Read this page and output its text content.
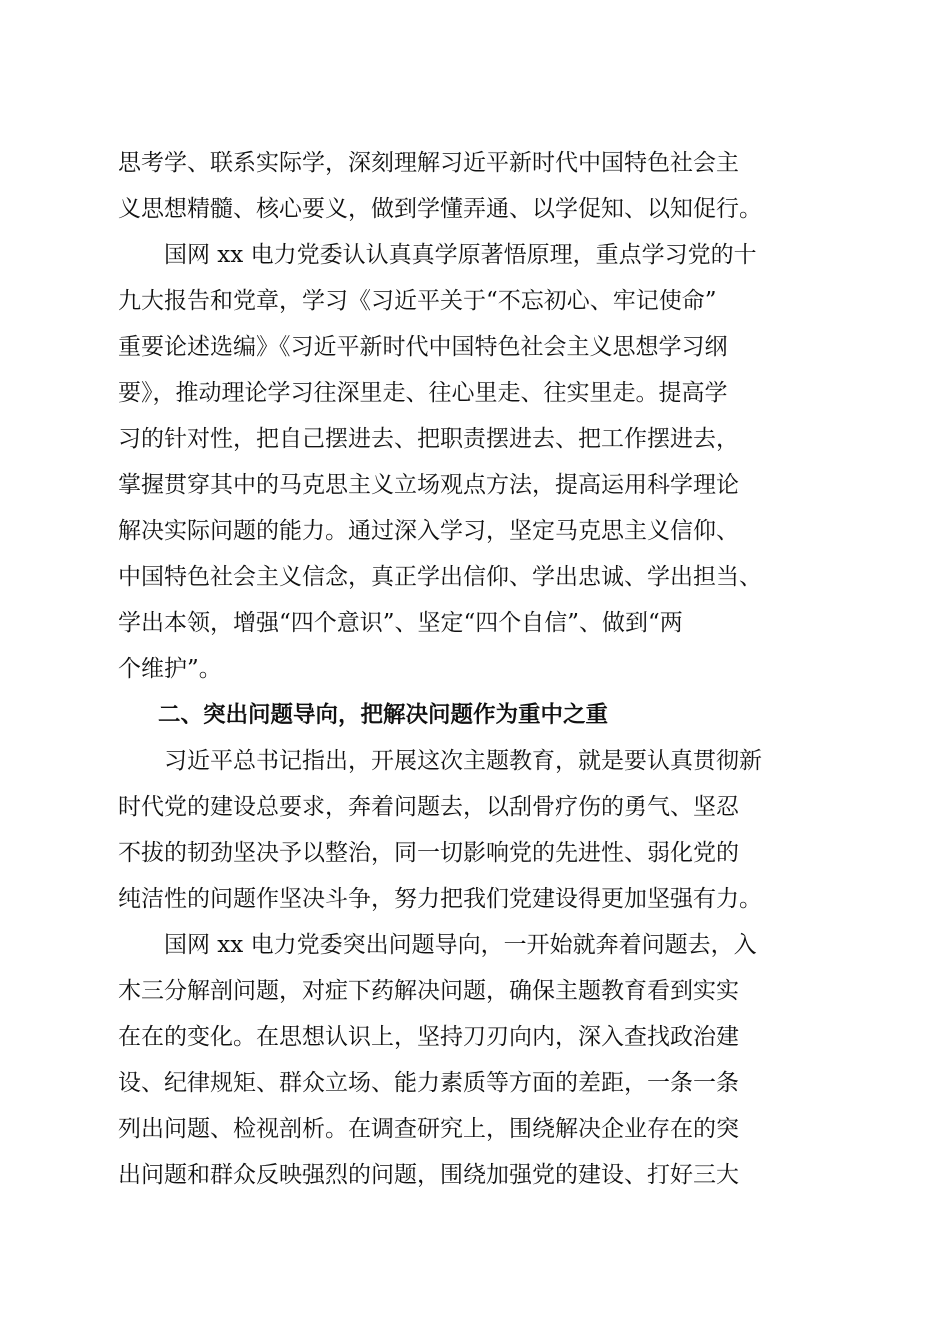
思考学、联系实际学，深刻理解习近平新时代中国特色社会主
义思想精髓、核心要义，做到学懂弄通、以学促知、以知促行。
国网 xx 电力党委认认真真学原著悟原理，重点学习党的十
九大报告和党章，学习《习近平关于“不忘初心、牢记使命”
重要论述选编》《习近平新时代中国特色社会主义思想学习纲
要》，推动理论学习往深里走、往心里走、往实里走。提高学
习的针对性，把自己摆进去、把职责摆进去、把工作摆进去，
掌握贯穿其中的马克思主义立场观点方法，提高运用科学理论
解决实际问题的能力。通过深入学习，坚定马克思主义信仰、
中国特色社会主义信念，真正学出信仰、学出忠诚、学出担当、
学出本领，增强“四个意识”、坚定“四个自信”、做到“两
个维护”。
二、突出问题导向，把解决问题作为重中之重
习近平总书记指出，开展这次主题教育，就是要认真贯彻新
时代党的建设总要求，奔着问题去，以刮骨疗伤的勇气、坚忍
不拔的韧劲坚决予以整治，同一切影响党的先进性、弱化党的
纯洁性的问题作坚决斗争，努力把我们党建设得更加坚强有力。
国网 xx 电力党委突出问题导向，一开始就奔着问题去，入
木三分解剖问题，对症下药解决问题，确保主题教育看到实实
在在的变化。在思想认识上，坚持刀刃向内，深入查找政治建
设、纪律规矩、群众立场、能力素质等方面的差距，一条一条
列出问题、检视剖析。在调查研究上，围绕解决企业存在的突
出问题和群众反映强烈的问题，围绕加强党的建设、打好三大
